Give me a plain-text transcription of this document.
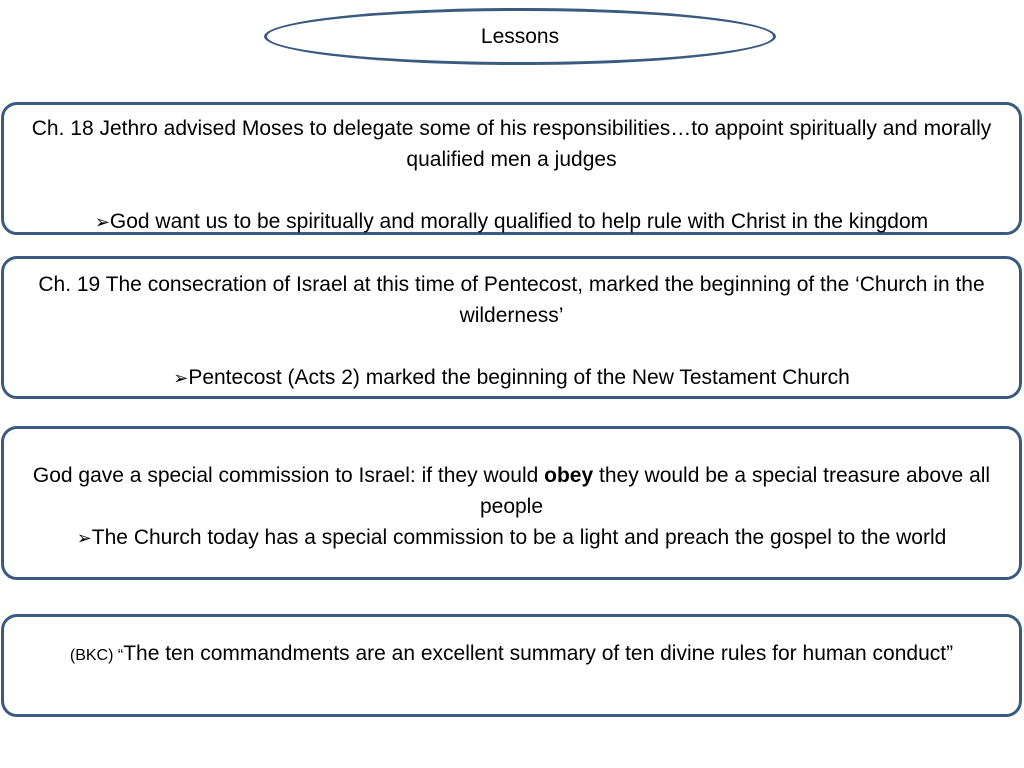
Lessons
Ch. 18 Jethro advised Moses to delegate some of his responsibilities…to appoint spiritually and morally qualified men a judges
➢God want us to be spiritually and morally qualified to help rule with Christ in the kingdom
Ch. 19 The consecration of Israel at this time of Pentecost, marked the beginning of the ‘Church in the wilderness’
➢Pentecost (Acts 2) marked the beginning of the New Testament Church
God gave a special commission to Israel: if they would obey they would be a special treasure above all people
➢The Church today has a special commission to be a light and preach the gospel to the world
(BKC) “The ten commandments are an excellent summary of ten divine rules for human conduct”
